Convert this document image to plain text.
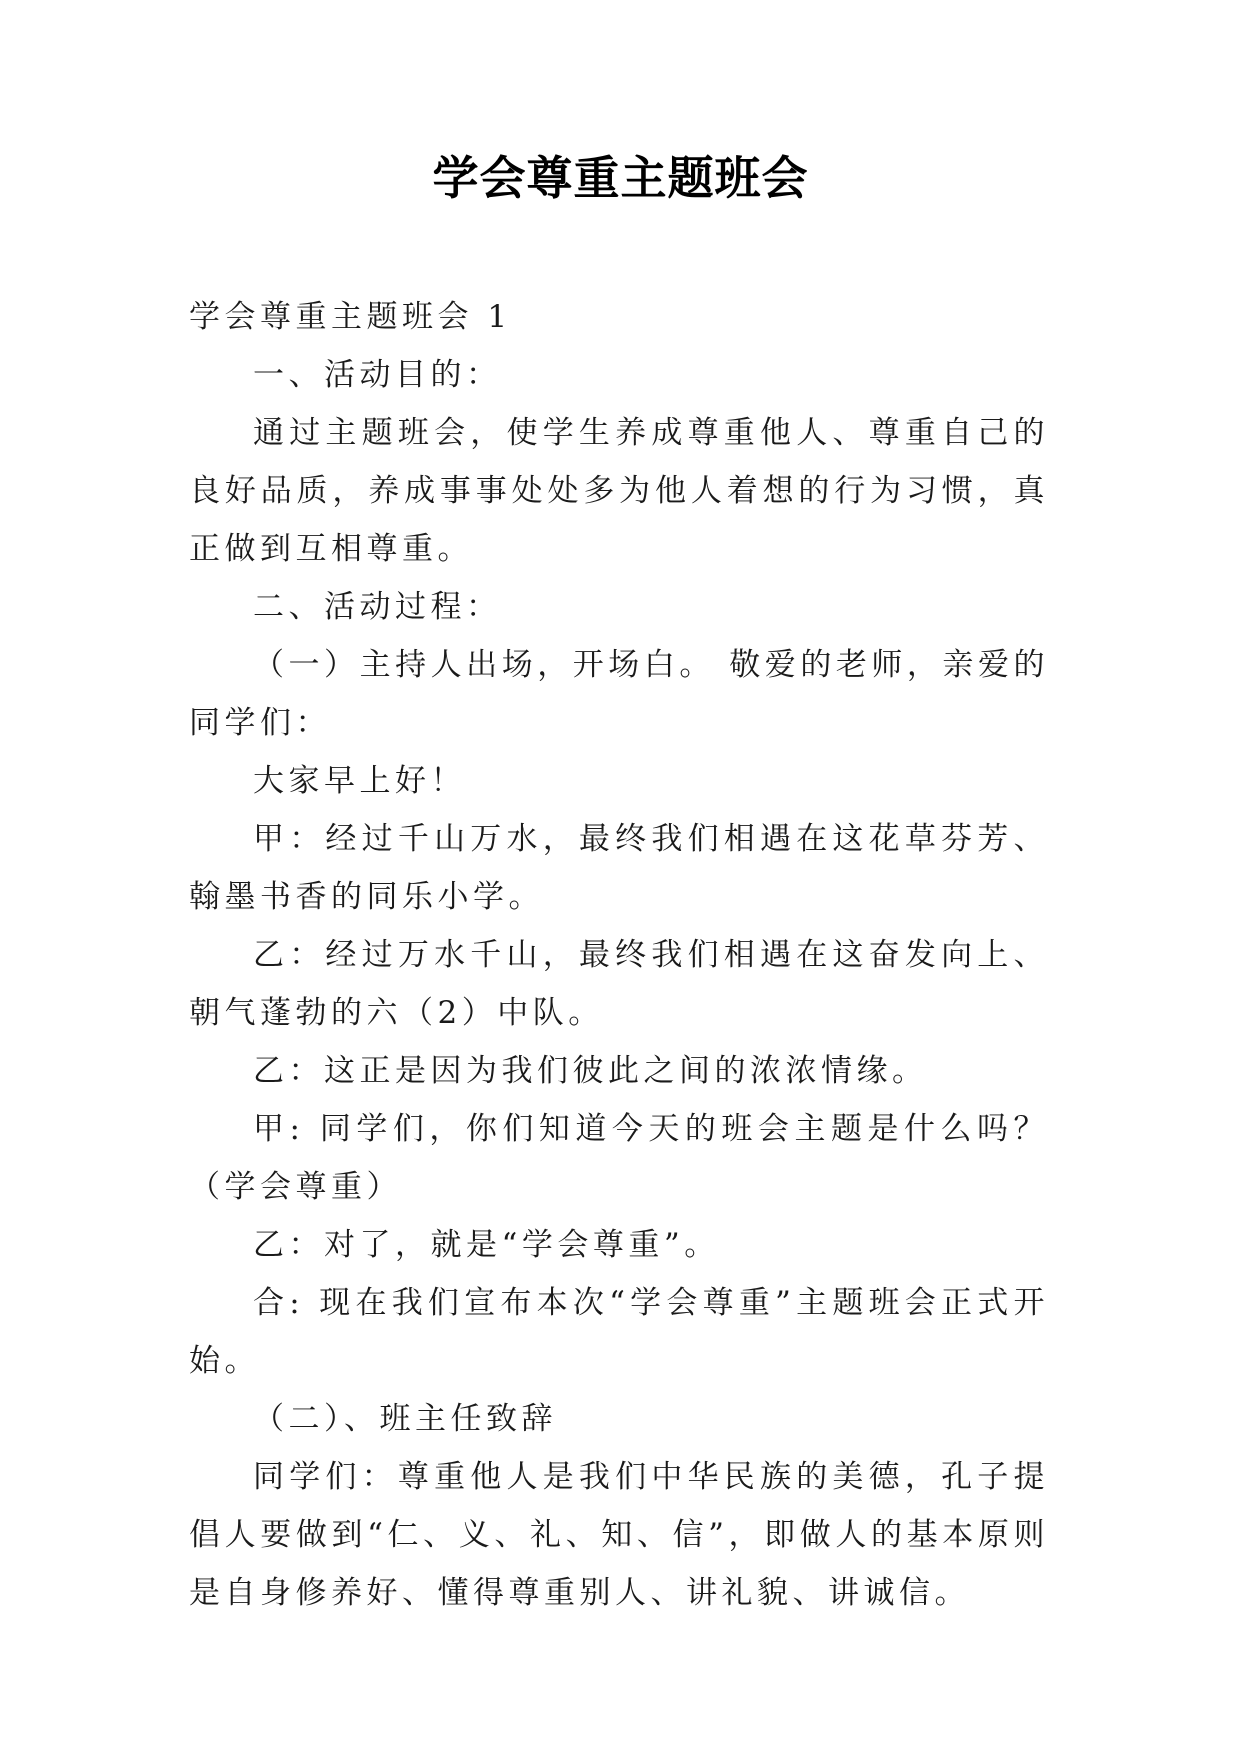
学会尊重主题班会

学会尊重主题班会 1

一、活动目的：

通过主题班会，使学生养成尊重他人、尊重自己的良好品质，养成事事处处多为他人着想的行为习惯，真正做到互相尊重。

二、活动过程：

（一）主持人出场，开场白。 敬爱的老师，亲爱的同学们：

大家早上好！

甲：经过千山万水，最终我们相遇在这花草芬芳、翰墨书香的同乐小学。

乙：经过万水千山，最终我们相遇在这奋发向上、朝气蓬勃的六（2）中队。

乙：这正是因为我们彼此之间的浓浓情缘。

甲: 同学们，你们知道今天的班会主题是什么吗？ （学会尊重）

乙：对了，就是“学会尊重”。

合: 现在我们宣布本次“学会尊重”主题班会正式开始。

（二）、班主任致辞

同学们：尊重他人是我们中华民族的美德，孔子提倡人要做到“仁、义、礼、知、信”，即做人的基本原则是自身修养好、懂得尊重别人、讲礼貌、讲诚信。
